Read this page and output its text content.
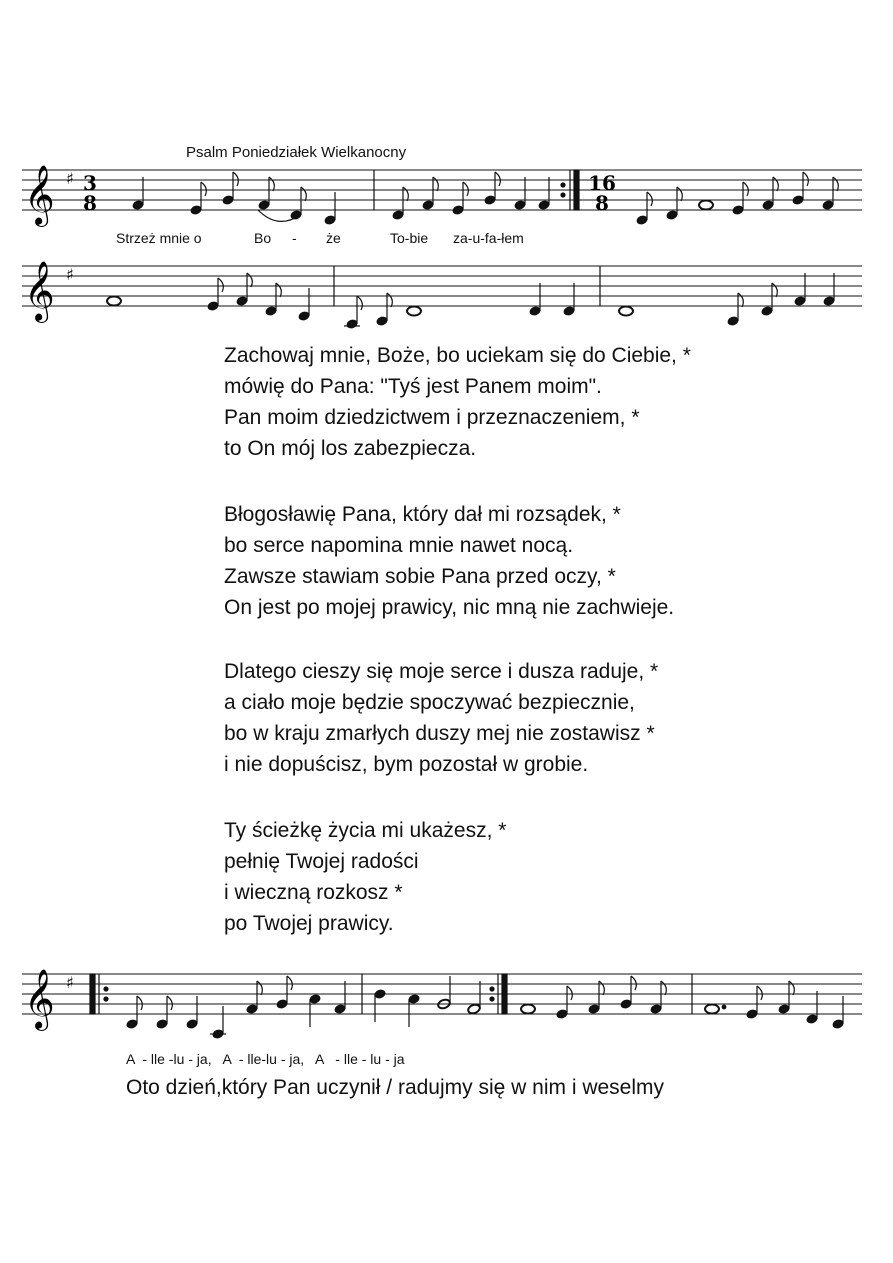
Psalm Poniedziałek Wielkanocny
𝄞 ♯ 3
8
16
8
Strzeż mnie o	Bo - że	To-bie za-u-fa-łem
𝄞 ♯
Zachowaj mnie, Boże, bo uciekam się do Ciebie, *
mówię do Pana: "Tyś jest Panem moim".
Pan moim dziedzictwem i przeznaczeniem, *
to On mój los zabezpiecza.
Błogosławię Pana, który dał mi rozsądek, *
bo serce napomina mnie nawet nocą.
Zawsze stawiam sobie Pana przed oczy, *
On jest po mojej prawicy, nic mną nie zachwieje.
Dlatego cieszy się moje serce i dusza raduje, *
a ciało moje będzie spoczywać bezpiecznie,
bo w kraju zmarłych duszy mej nie zostawisz *
i nie dopuścisz, bym pozostał w grobie.
Ty ścieżkę życia mi ukażesz, *
pełnię Twojej radości
i wieczną rozkosz *
po Twojej prawicy.
𝄞 ♯
A  - lle -lu - ja,   A  - lle-lu - ja,   A   - lle - lu - ja
Oto dzień,który Pan uczynił / radujmy się w nim i weselmy
